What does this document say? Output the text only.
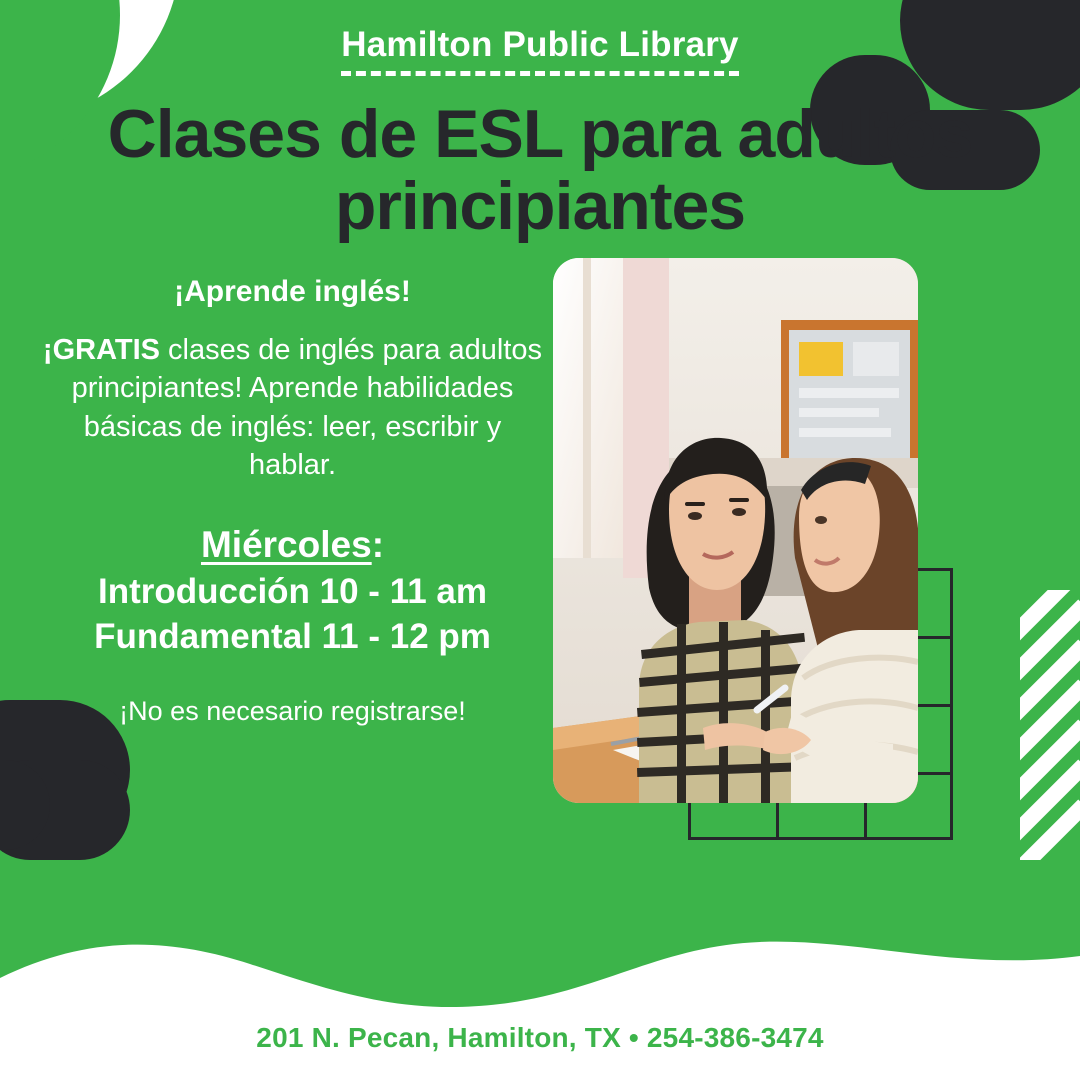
Hamilton Public Library
Clases de ESL para adultos principiantes
¡Aprende inglés!
¡GRATIS clases de inglés para adultos principiantes! Aprende habilidades básicas de inglés: leer, escribir y hablar.
Miércoles:
Introducción 10 - 11 am
Fundamental 11 - 12 pm
¡No es necesario registrarse!
201 N. Pecan, Hamilton, TX • 254-386-3474
